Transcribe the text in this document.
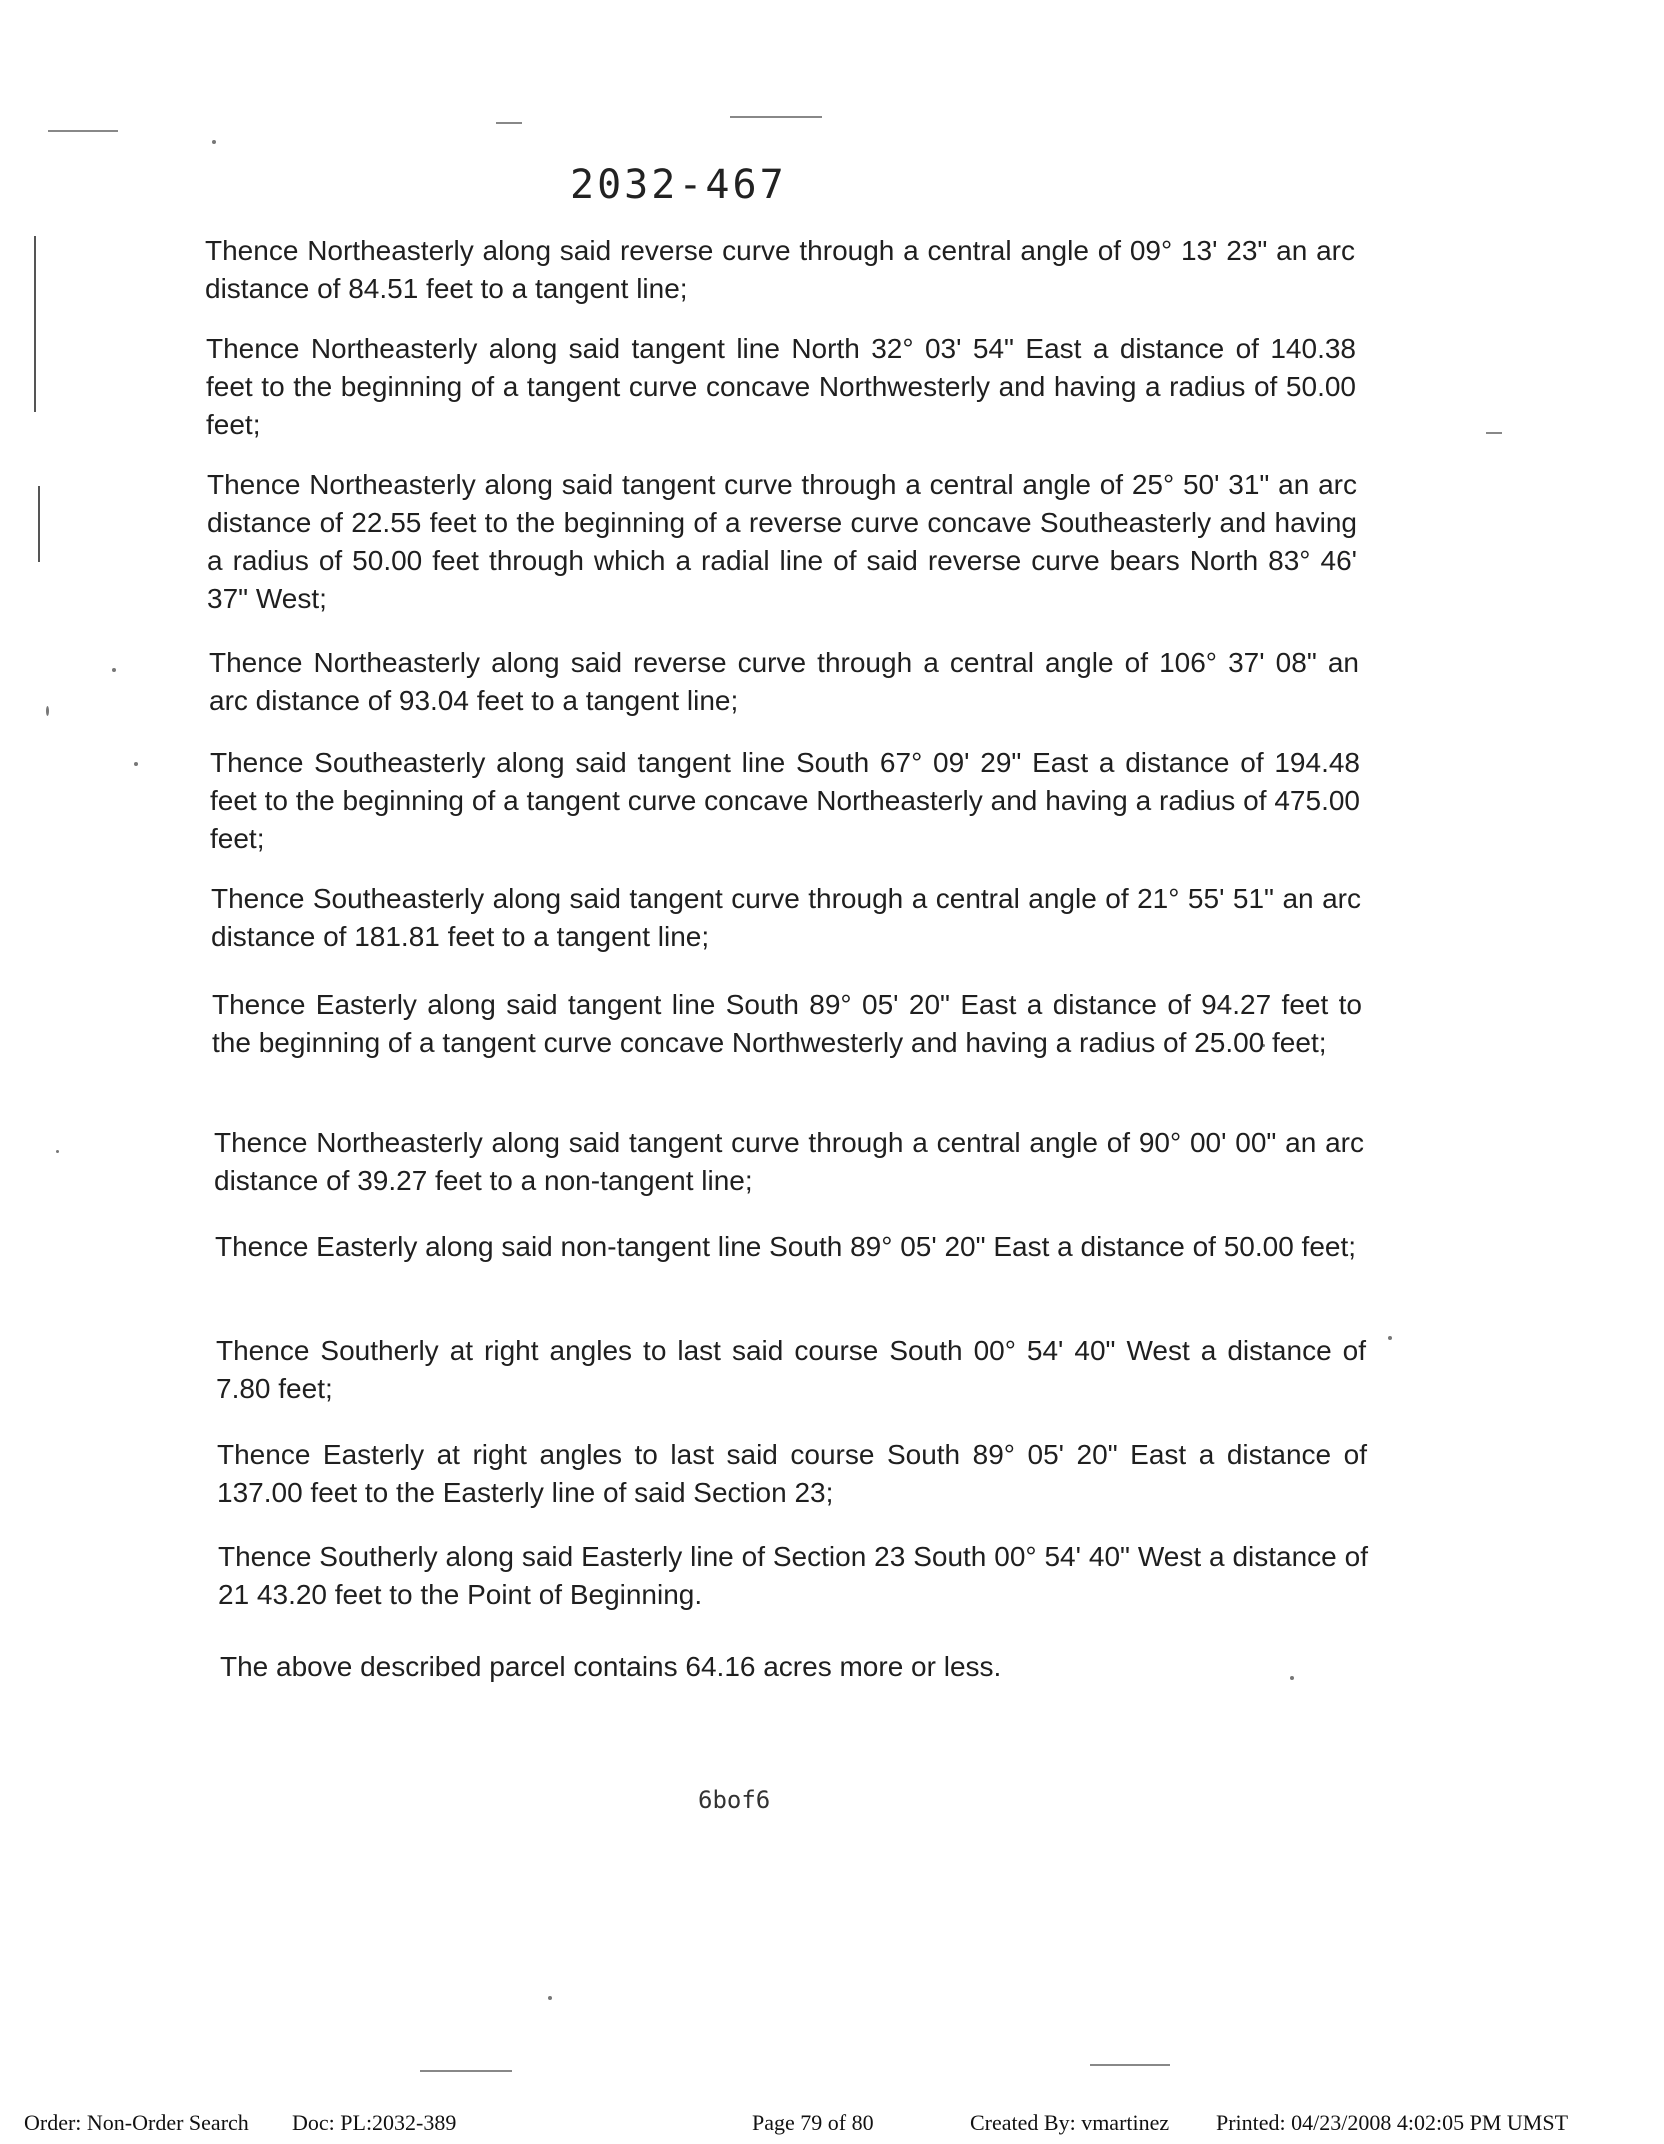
2032-467

Thence Northeasterly along said reverse curve through a central angle of 09° 13' 23" an arc distance of 84.51 feet to a tangent line;

Thence Northeasterly along said tangent line North 32° 03' 54" East a distance of 140.38 feet to the beginning of a tangent curve concave Northwesterly and having a radius of 50.00 feet;

Thence Northeasterly along said tangent curve through a central angle of 25° 50' 31" an arc distance of 22.55 feet to the beginning of a reverse curve concave Southeasterly and having a radius of 50.00 feet through which a radial line of said reverse curve bears North 83° 46' 37" West;

Thence Northeasterly along said reverse curve through a central angle of 106° 37' 08" an arc distance of 93.04 feet to a tangent line;

Thence Southeasterly along said tangent line South 67° 09' 29" East a distance of 194.48 feet to the beginning of a tangent curve concave Northeasterly and having a radius of 475.00 feet;

Thence Southeasterly along said tangent curve through a central angle of 21° 55' 51" an arc distance of 181.81 feet to a tangent line;

Thence Easterly along said tangent line South 89° 05' 20" East a distance of 94.27 feet to the beginning of a tangent curve concave Northwesterly and having a radius of 25.00 feet;

Thence Northeasterly along said tangent curve through a central angle of 90° 00' 00" an arc distance of 39.27 feet to a non-tangent line;

Thence Easterly along said non-tangent line South 89° 05' 20" East a distance of 50.00 feet;

Thence Southerly at right angles to last said course South 00° 54' 40" West a distance of 7.80 feet;

Thence Easterly at right angles to last said course South 89° 05' 20" East a distance of 137.00 feet to the Easterly line of said Section 23;

Thence Southerly along said Easterly line of Section 23 South 00° 54' 40" West a distance of 21 43.20 feet to the Point of Beginning.

The above described parcel contains 64.16 acres more or less.

6bof6
Order: Non-Order Search Doc: PL:2032-389	Page 79 of 80	Created By: vmartinez Printed: 04/23/2008 4:02:05 PM UMST
